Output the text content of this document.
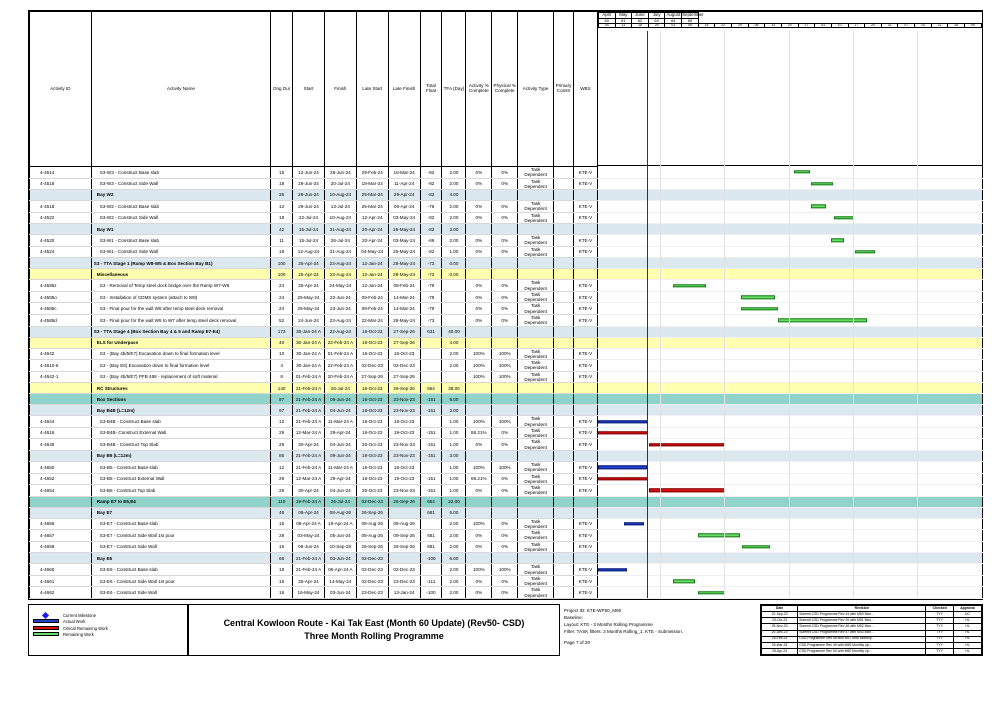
Activity ID	Activity Name	Orig Dur	Start	Finish	Late Start	Late Finish	Total Float	TFA (Day)	Activity % Complete	Physical % Complete	Activity Type	Primary Constr	WBS	
April	May	June	July	August	September
60	61	62	63	64	65
04	11	18	25	01	08	15	22	29	06	13	20	27	03	10	17	24	31	07	14	21	28	05

4-4514	S3-W3 - Construct Base slab	15	12-Jun-24	28-Jun-24	29-Feb-24	16-Mar-24	-82	2.00	0%	0%	Task Dependent		KTE-V	

4-4516	S3-W3 - Construct Side Wall	18	29-Jun-24	20-Jul-24	18-Mar-24	11-Apr-24	-82	2.00	0%	0%	Task Dependent		KTE-V	

	Bay W2	36	29-Jun-24	10-Aug-24	25-Mar-24	29-Apr-24	-82	4.00						
4-4518	S3-W2 - Construct Base slab	12	29-Jun-24	13-Jul-24	25-Mar-24	06-Apr-24	-76	2.00	0%	0%	Task Dependent		KTE-V	

4-4522	S3-W2 - Construct Side Wall	18	22-Jul-24	10-Aug-24	12-Apr-24	03-May-24	-82	2.00	0%	0%	Task Dependent		KTE-V	

	Bay W1	42	15-Jul-24	31-Aug-24	20-Apr-24	25-May-24	-82	3.00						
4-4520	S3-W1 - Construct Base slab	11	15-Jul-24	26-Jul-24	20-Apr-24	03-May-24	-69	2.00	0%	0%	Task Dependent		KTE-V	

4-4524	S3-W1 - Construct Side Wall	18	12-Aug-24	31-Aug-24	04-May-24	25-May-24	-82	1.00	0%	0%	Task Dependent		KTE-V	

	S3 - TTA Stage 1 (Ramp W8-W5 & Box Section Bay B1)	100	25-Apr-24	23-Aug-24	12-Jan-24	28-May-24	-73	0.00						
	Miscellaneous	100	25-Apr-24	23-Aug-24	12-Jan-24	28-May-24	-73	0.00						
4-4585z	S3 - Removal of Temp steel dock bridge over the Ramp W7-W8	24	25-Apr-24	24-May-24	12-Jan-24	08-Feb-24	-79		0%	0%	Task Dependent		KTE-V	

4-4585o	S3 - Installation of CDMS system (attach to W8)	24	25-May-24	22-Jun-24	09-Feb-24	14-Mar-24	-79		0%	0%	Task Dependent		KTE-V	

4-4585c	S3 - Final pour for the wall W8 after temp steel deck removal	24	25-May-24	23-Jun-24	09-Feb-24	14-Mar-24	-79		0%	0%	Task Dependent		KTE-V	

4-4585d	S3 - Final pour for the wall W5 to W7 after temp steel deck removal	52	24-Jun-24	23-Aug-24	22-Mar-24	28-May-24	-73		0%	0%	Task Dependent		KTE-V	

	S3 - TTA Stage 4 (Box Section Bay 4 & 5 and Ramp E7-E4)	173	30-Jan-24 A	22-Aug-24	16-Oct-23	27-Sep-26	631	40.00						
	ELS for Underpass	40	30-Jan-24 A	22-Feb-24 A	16-Oct-23	27-Sep-26		4.00						
4-4642	S3 - (Bay 4b/5/E7) Excavation down to final formation level	10	30-Jan-24 A	01-Feb-24 A	16-Oct-23	16-Oct-23		2.00	100%	100%	Task Dependent		KTE-V	
4-4610-6	S3 - (Bay E6) Excavation down to final formation level	4	30-Jan-24 A	22-Feb-24 A	02-Dec-23	02-Dec-23		2.00	100%	100%	Task Dependent		KTE-V	
4-4642-1	S3 - (Bay 4b/5/E7) PFB 468 - replacement of soft material	8	01-Feb-24 A	20-Feb-24 A	27-Sep-26	27-Sep-26			100%	100%	Task Dependent		KTE-V	
	RC Structures	140	21-Feb-24 A	26-Jul-24	16-Oct-23	26-Sep-26	654	28.00						
	Box Sections	97	21-Feb-24 A	09-Jun-24	16-Oct-23	23-Nov-23	-151	9.00						
	Bay B4B (L=12m)	97	21-Feb-24 A	04-Jun-24	16-Oct-23	23-Nov-23	-151	3.00						
4-4644	S3-B4B - Construct Base slab	12	21-Feb-24 A	11-Mar-24 A	16-Oct-23	16-Oct-23		1.00	100%	100%	Task Dependent		KTE-V	

4-4616	S3-B4B- Construct External Wall	29	12-Mar-24 A	29-Apr-24	16-Oct-23	19-Oct-23	-151	1.00	86.21%	0%	Task Dependent		KTE-V	

4-4648	S3-B4B - Construct Top Slab	29	30-Apr-24	04-Jun-24	20-Oct-23	23-Nov-23	-151	1.00	0%	0%	Task Dependent		KTE-V	

	Bay B5 (L=12m)	85	21-Feb-24 A	09-Jun-24	16-Oct-23	23-Nov-23	-151	3.00						
4-4650	S3-B5 - Construct Base slab	12	21-Feb-24 A	11-Mar-24 A	16-Oct-23	16-Oct-23		1.00	100%	100%	Task Dependent		KTE-V	

4-4652	S3-B5 - Construct External Wall	29	12-Mar-24 A	29-Apr-24	16-Oct-23	19-Oct-23	-151	1.00	86.21%	0%	Task Dependent		KTE-V	

4-4654	S3-B5 - Construct Top Slab	29	30-Apr-24	04-Jun-24	20-Oct-23	23-Nov-23	-151	1.00	0%	0%	Task Dependent		KTE-V	

	Ramp E7 to E5,E4	110	19-Feb-24 A	26-Jul-24	02-Dec-23	26-Sep-26	654	22.00						
	Bay E7	46	08-Apr-24	08-Aug-26	26-Sep-26		681	6.00						
4-4656	S3-E7 - Construct Base slab	15	08-Apr-24 A	19-Apr-24 A	08-Aug-26	08-Aug-26		2.00	100%	0%	Task Dependent		KTE-V	

4-4657	S3-E7 - Construct Side Wall 1st pour	28	03-May-24	05-Jun-24	08-Aug-26	09-Sep-26	681	2.00	0%	0%	Task Dependent		KTE-V	

4-4658	S3-E7 - Construct Side Wall	15	06-Jun-24	10-Sep-26	26-Sep-26	26-Sep-26	681	2.00	0%	0%	Task Dependent		KTE-V	

	Bay E6	66	21-Feb-24 A	03-Jun-24	02-Dec-23		-100	6.00						
4-4660	S3-E6 - Construct Base slab	18	21-Feb-24 A	06-Apr-24 A	02-Dec-23	02-Dec-23		2.00	100%	100%	Task Dependent		KTE-V	

4-4661	S3-E6 - Construct Side Wall 1st pour	16	25-Apr-24	14-May-24	02-Dec-23	23-Dec-23	-111	2.00	0%	0%	Task Dependent		KTE-V	

4-4662	S3-E6 - Construct Side Wall	16	16-May-24	03-Jun-24	23-Dec-23	13-Jan-24	-100	2.00	0%	0%	Task Dependent		KTE-V	
Current Milestone
Actual Work
Critical Remaining Work
Remaining Work
Central Kowloon Route - Kai Tak East (Month 60 Update) (Rev50- CSD)
Three Month Rolling Programme
Project ID: KTE-WP50_M60
Baseline:
Layout: KTE - 3 Months Rolling Programme
Filter: TASK filters: 3 Months Rolling_1, KTE - Submission.
Page 7 of 20
Date	Revision	Checked	Approval
22-Sep-23	Summit CSD Programme Rev 44 with M50 Mon...	TYY	DC
25-Oct-23	Summit CSD Programme Rev 45 with M51 Mon...	TYY	HL
25-Nov-23	Summit CSD Programme Rev 46 with M52 Mon...	TYY	HL
20-Dec-23	Summit CSD Programme Rev 47 with M53 Mon...	TYY	HL
25-Feb-24	CSD Programme Rev 48 with M57 M58 Monthly...	TYY	HL
25-Mar-24	CSD Programme Rev 49 with M59 Monthly Up...	TYY	HL
25-Apr-24	CSD Programme Rev 50 with M60 Monthly Up...	TYY	HL
